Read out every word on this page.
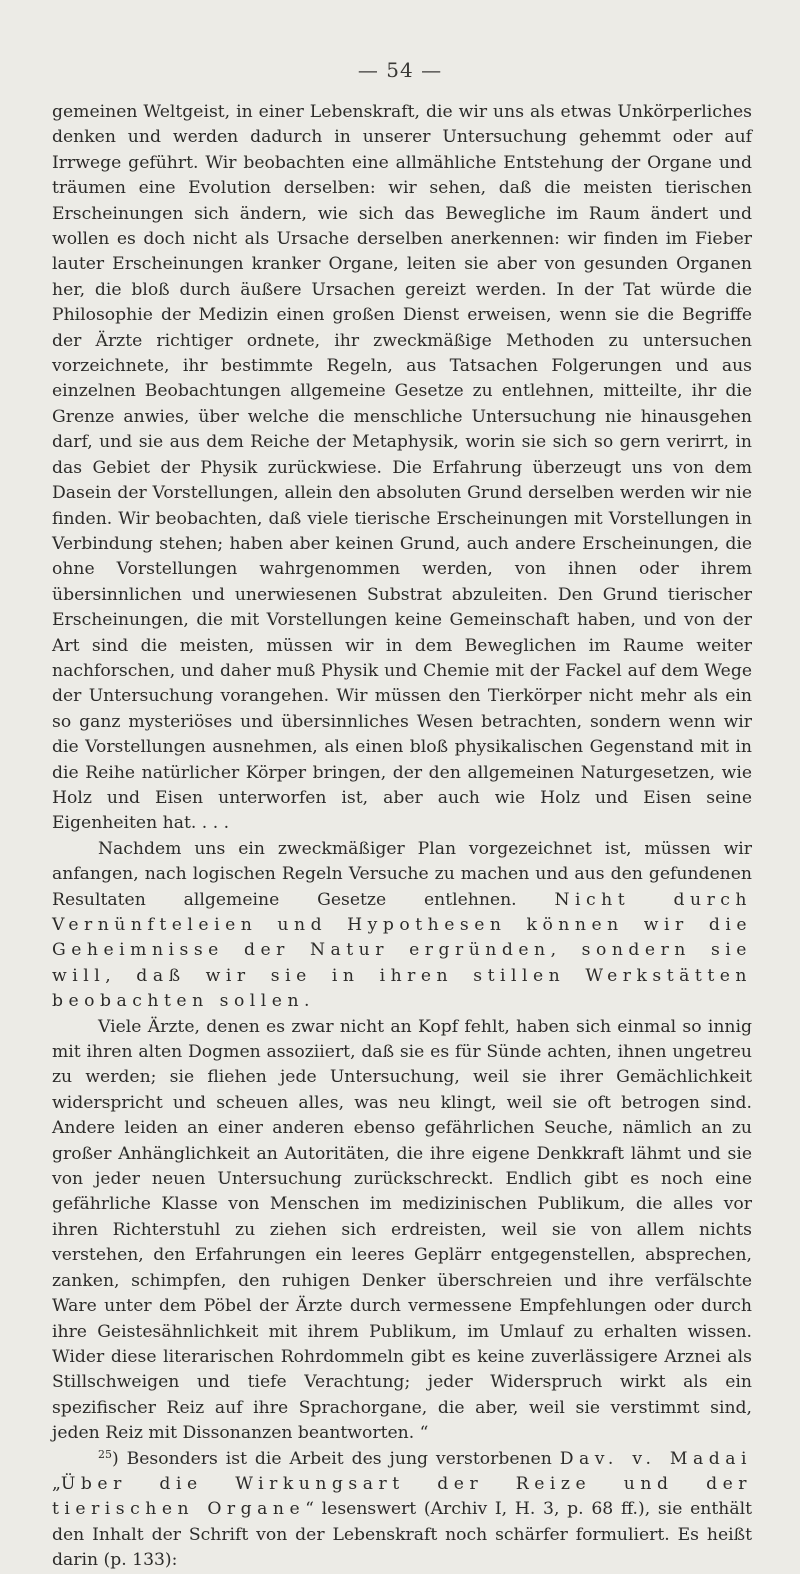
— 54 —

gemeinen Weltgeist, in einer Lebenskraft, die wir uns als etwas Unkörperliches denken und werden dadurch in unserer Untersuchung gehemmt oder auf Irrwege geführt. Wir beobachten eine allmähliche Entstehung der Organe und träumen eine Evolution derselben: wir sehen, daß die meisten tierischen Erscheinungen sich ändern, wie sich das Bewegliche im Raum ändert und wollen es doch nicht als Ursache derselben anerkennen: wir finden im Fieber lauter Erscheinungen kranker Organe, leiten sie aber von gesunden Organen her, die bloß durch äußere Ursachen gereizt werden. In der Tat würde die Philosophie der Medizin einen großen Dienst erweisen, wenn sie die Begriffe der Ärzte richtiger ordnete, ihr zweckmäßige Methoden zu untersuchen vorzeichnete, ihr bestimmte Regeln, aus Tatsachen Folgerungen und aus einzelnen Beobachtungen allgemeine Gesetze zu entlehnen, mitteilte, ihr die Grenze anwies, über welche die menschliche Untersuchung nie hinausgehen darf, und sie aus dem Reiche der Metaphysik, worin sie sich so gern verirrt, in das Gebiet der Physik zurückwiese. Die Erfahrung überzeugt uns von dem Dasein der Vorstellungen, allein den absoluten Grund derselben werden wir nie finden. Wir beobachten, daß viele tierische Erscheinungen mit Vorstellungen in Verbindung stehen; haben aber keinen Grund, auch andere Erscheinungen, die ohne Vorstellungen wahrgenommen werden, von ihnen oder ihrem übersinnlichen und unerwiesenen Substrat abzuleiten. Den Grund tierischer Erscheinungen, die mit Vorstellungen keine Gemeinschaft haben, und von der Art sind die meisten, müssen wir in dem Beweglichen im Raume weiter nachforschen, und daher muß Physik und Chemie mit der Fackel auf dem Wege der Untersuchung vorangehen. Wir müssen den Tierkörper nicht mehr als ein so ganz mysteriöses und übersinnliches Wesen betrachten, sondern wenn wir die Vorstellungen ausnehmen, als einen bloß physikalischen Gegenstand mit in die Reihe natürlicher Körper bringen, der den allgemeinen Naturgesetzen, wie Holz und Eisen unterworfen ist, aber auch wie Holz und Eisen seine Eigenheiten hat. . . .

Nachdem uns ein zweckmäßiger Plan vorgezeichnet ist, müssen wir anfangen, nach logischen Regeln Versuche zu machen und aus den gefundenen Resultaten allgemeine Gesetze entlehnen. Nicht durch Vernünfteleien und Hypothesen können wir die Geheimnisse der Natur ergründen, sondern sie will, daß wir sie in ihren stillen Werkstätten beobachten sollen.

Viele Ärzte, denen es zwar nicht an Kopf fehlt, haben sich einmal so innig mit ihren alten Dogmen assoziiert, daß sie es für Sünde achten, ihnen ungetreu zu werden; sie fliehen jede Untersuchung, weil sie ihrer Gemächlichkeit widerspricht und scheuen alles, was neu klingt, weil sie oft betrogen sind. Andere leiden an einer anderen ebenso gefährlichen Seuche, nämlich an zu großer Anhänglichkeit an Autoritäten, die ihre eigene Denkkraft lähmt und sie von jeder neuen Untersuchung zurückschreckt. Endlich gibt es noch eine gefährliche Klasse von Menschen im medizinischen Publikum, die alles vor ihren Richterstuhl zu ziehen sich erdreisten, weil sie von allem nichts verstehen, den Erfahrungen ein leeres Geplärr entgegenstellen, absprechen, zanken, schimpfen, den ruhigen Denker überschreien und ihre verfälschte Ware unter dem Pöbel der Ärzte durch vermessene Empfehlungen oder durch ihre Geistesähnlichkeit mit ihrem Publikum, im Umlauf zu erhalten wissen. Wider diese literarischen Rohrdommeln gibt es keine zuverlässigere Arznei als Stillschweigen und tiefe Verachtung; jeder Widerspruch wirkt als ein spezifischer Reiz auf ihre Sprachorgane, die aber, weil sie verstimmt sind, jeden Reiz mit Dissonanzen beantworten. “

$^{25}$) Besonders ist die Arbeit des jung verstorbenen Dav. v. Madai „Über die Wirkungsart der Reize und der tierischen Organe“ lesenswert (Archiv I, H. 3, p. 68 ff.), sie enthält den Inhalt der Schrift von der Lebenskraft noch schärfer formuliert. Es heißt darin (p. 133):
